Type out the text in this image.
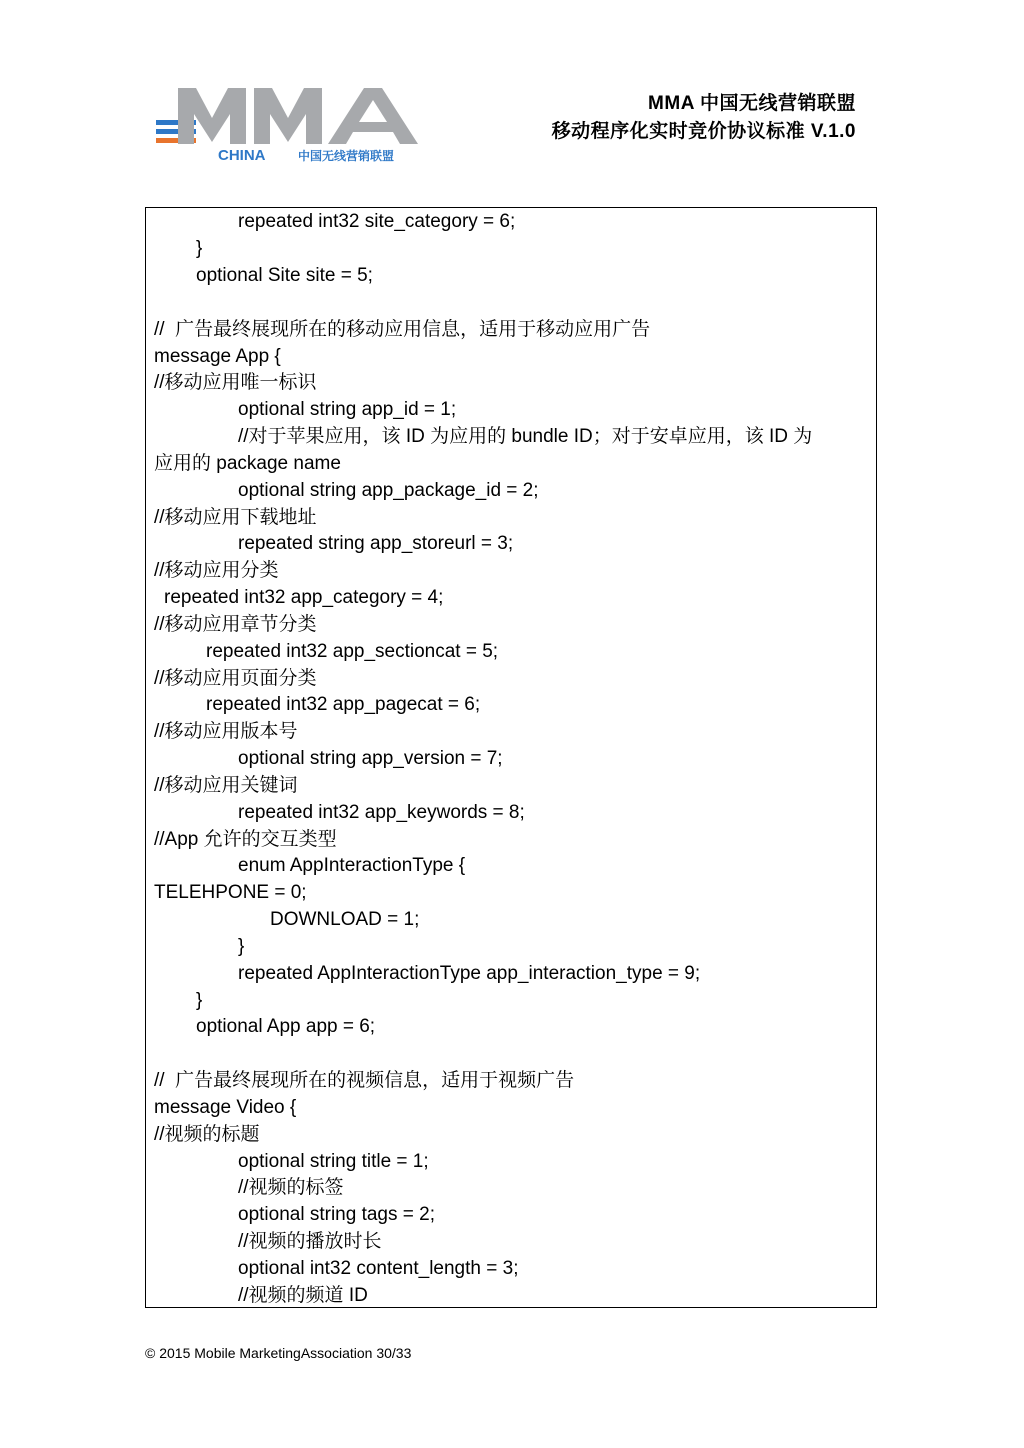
CHINA	中国无线营销联盟
MMA 中国无线营销联盟
移动程序化实时竞价协议标准 V.1.0
repeated int32 site_category = 6;
}
optional Site site = 5;
//  广告最终展现所在的移动应用信息，适用于移动应用广告
message App {
//移动应用唯一标识
optional string app_id = 1;
//对于苹果应用，该 ID 为应用的 bundle ID；对于安卓应用，该 ID 为
应用的 package name
optional string app_package_id = 2;
//移动应用下载地址
repeated string app_storeurl = 3;
//移动应用分类
repeated int32 app_category = 4;
//移动应用章节分类
repeated int32 app_sectioncat = 5;
//移动应用页面分类
repeated int32 app_pagecat = 6;
//移动应用版本号
optional string app_version = 7;
//移动应用关键词
repeated int32 app_keywords = 8;
//App 允许的交互类型
enum AppInteractionType {
TELEHPONE = 0;
DOWNLOAD = 1;
}
repeated AppInteractionType app_interaction_type = 9;
}
optional App app = 6;
//  广告最终展现所在的视频信息，适用于视频广告
message Video {
//视频的标题
optional string title = 1;
//视频的标签
optional string tags = 2;
//视频的播放时长
optional int32 content_length = 3;
//视频的频道 ID
© 2015 Mobile MarketingAssociation 30/33
